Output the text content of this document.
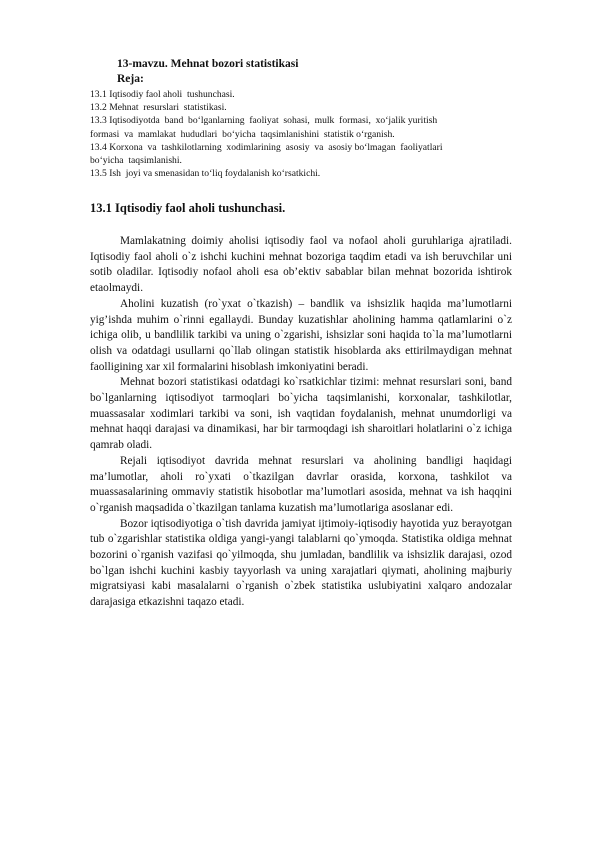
13-mavzu. Mehnat bozori statistikasi
Reja:
13.1 Iqtisodiy faol aholi  tushunchasi.
13.2 Mehnat  resurslari  statistikasi.
13.3 Iqtisodiyotda  band  bo‘lganlarning  faoliyat  sohasi,  mulk  formasi,  xo‘jalik yuritish
formasi  va  mamlakat  hududlari  bo‘yicha  taqsimlanishini  statistik o‘rganish.
13.4 Korxona  va  tashkilotlarning  xodimlarining  asosiy  va  asosiy bo‘lmagan  faoliyatlari
bo‘yicha  taqsimlanishi.
13.5 Ish  joyi va smenasidan to‘liq foydalanish ko‘rsatkichi.
13.1 Iqtisodiy faol aholi tushunchasi.

Mamlakatning doimiy aholisi iqtisodiy faol va nofaol aholi guruhlariga ajratiladi. Iqtisodiy faol aholi o`z ishchi kuchini mehnat bozoriga taqdim etadi va ish beruvchilar uni sotib oladilar. Iqtisodiy nofaol aholi esa ob’ektiv sabablar bilan mehnat bozorida ishtirok etaolmaydi.

Aholini kuzatish (ro`yxat o`tkazish) – bandlik va ishsizlik haqida ma’lumotlarni yig’ishda muhim o`rinni egallaydi. Bunday kuzatishlar aholining hamma qatlamlarini o`z ichiga olib, u bandlilik tarkibi va uning o`zgarishi, ishsizlar soni haqida to`la ma’lumotlarni olish va odatdagi usullarni qo`llab olingan statistik hisoblarda aks ettirilmaydigan mehnat faolligining xar xil formalarini hisoblash imkoniyatini beradi.

Mehnat bozori statistikasi odatdagi ko`rsatkichlar tizimi: mehnat resurslari soni, band bo`lganlarning iqtisodiyot tarmoqlari bo`yicha taqsimlanishi, korxonalar, tashkilotlar, muassasalar xodimlari tarkibi va soni, ish vaqtidan foydalanish, mehnat unumdorligi va mehnat haqqi darajasi va dinamikasi, har bir tarmoqdagi ish sharoitlari holatlarini o`z ichiga qamrab oladi.

Rejali iqtisodiyot davrida mehnat resurslari va aholining bandligi haqidagi ma’lumotlar, aholi ro`yxati o`tkazilgan davrlar orasida, korxona, tashkilot va muassasalarining ommaviy statistik hisobotlar ma’lumotlari asosida, mehnat va ish haqqini o`rganish maqsadida o`tkazilgan tanlama kuzatish ma’lumotlariga asoslanar edi.

Bozor iqtisodiyotiga o`tish davrida jamiyat ijtimoiy-iqtisodiy hayotida yuz berayotgan tub o`zgarishlar statistika oldiga yangi-yangi talablarni qo`ymoqda. Statistika oldiga mehnat bozorini o`rganish vazifasi qo`yilmoqda, shu jumladan, bandlilik va ishsizlik darajasi, ozod bo`lgan ishchi kuchini kasbiy tayyorlash va uning xarajatlari qiymati, aholining majburiy migratsiyasi kabi masalalarni o`rganish o`zbek statistika uslubiyatini xalqaro andozalar darajasiga etkazishni taqazo etadi.
